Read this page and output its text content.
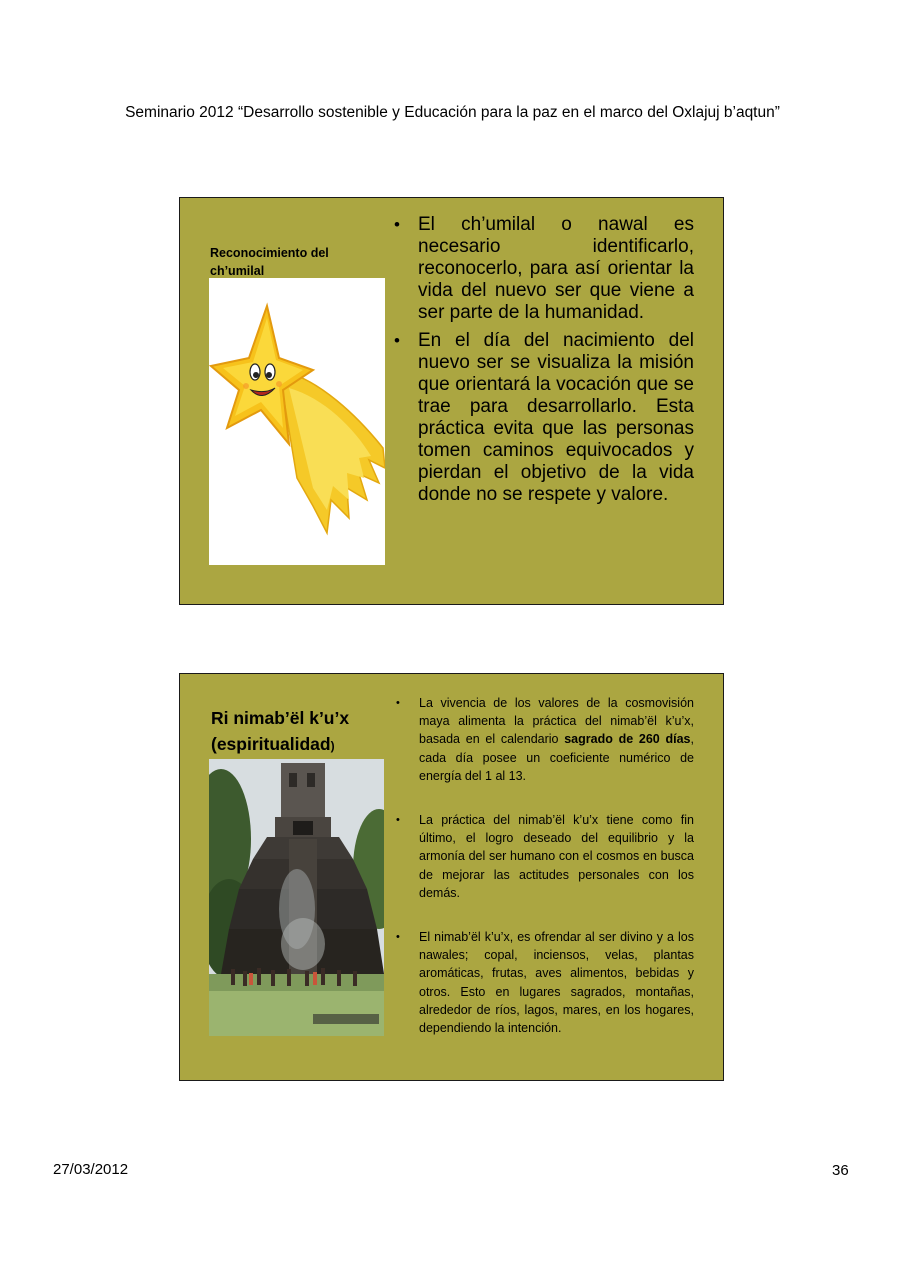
Seminario 2012 “Desarrollo sostenible y Educación para la paz en el marco del Oxlajuj b’aqtun”
Reconocimiento del ch’umilal
• El ch’umilal o nawal es necesario identificarlo, reconocerlo, para así orientar la vida del nuevo ser que viene a ser parte de la humanidad.
• En el día del nacimiento del nuevo ser se visualiza la misión que orientará la vocación que se trae para desarrollarlo. Esta práctica evita que las personas tomen caminos equivocados y pierdan el objetivo de la vida donde no se respete y valore.
Ri nimab’ël k’u’x
(espiritualidad)
• La vivencia de los valores de la cosmovisión maya alimenta la práctica del nimab’ël k’u’x, basada en el calendario sagrado de 260 días, cada día posee un coeficiente numérico de energía del 1 al 13.
• La práctica del nimab’ël k’u’x tiene como fin último, el logro deseado del equilibrio y la armonía del ser humano con el cosmos en busca de mejorar las actitudes personales con los demás.
• El nimab’ël k’u’x, es ofrendar al ser divino y a los nawales; copal, inciensos, velas, plantas aromáticas, frutas, aves alimentos, bebidas y otros. Esto en lugares sagrados, montañas, alrededor de ríos, lagos, mares, en los hogares, dependiendo la intención.
27/03/2012	36
